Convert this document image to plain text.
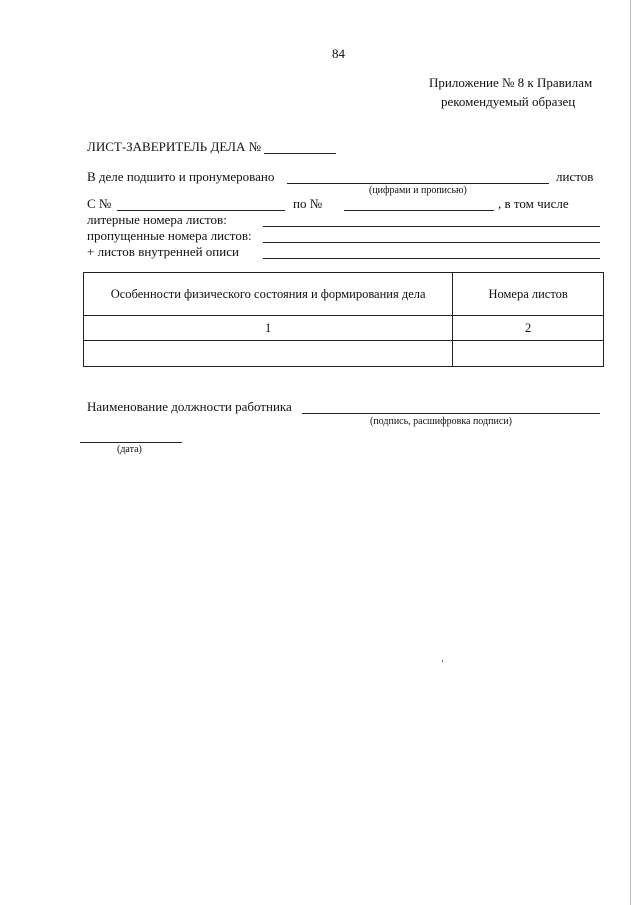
84
Приложение № 8 к Правилам
рекомендуемый образец
ЛИСТ-ЗАВЕРИТЕЛЬ ДЕЛА №
В деле подшито и пронумеровано	листов
(цифрами и прописью)
С №	по №	, в том числе
литерные номера листов:
пропущенные номера листов:
+ листов внутренней описи
Особенности физического состояния и формирования дела	Номера листов
1	2

Наименование должности работника
(подпись, расшифровка подписи)
(дата)
